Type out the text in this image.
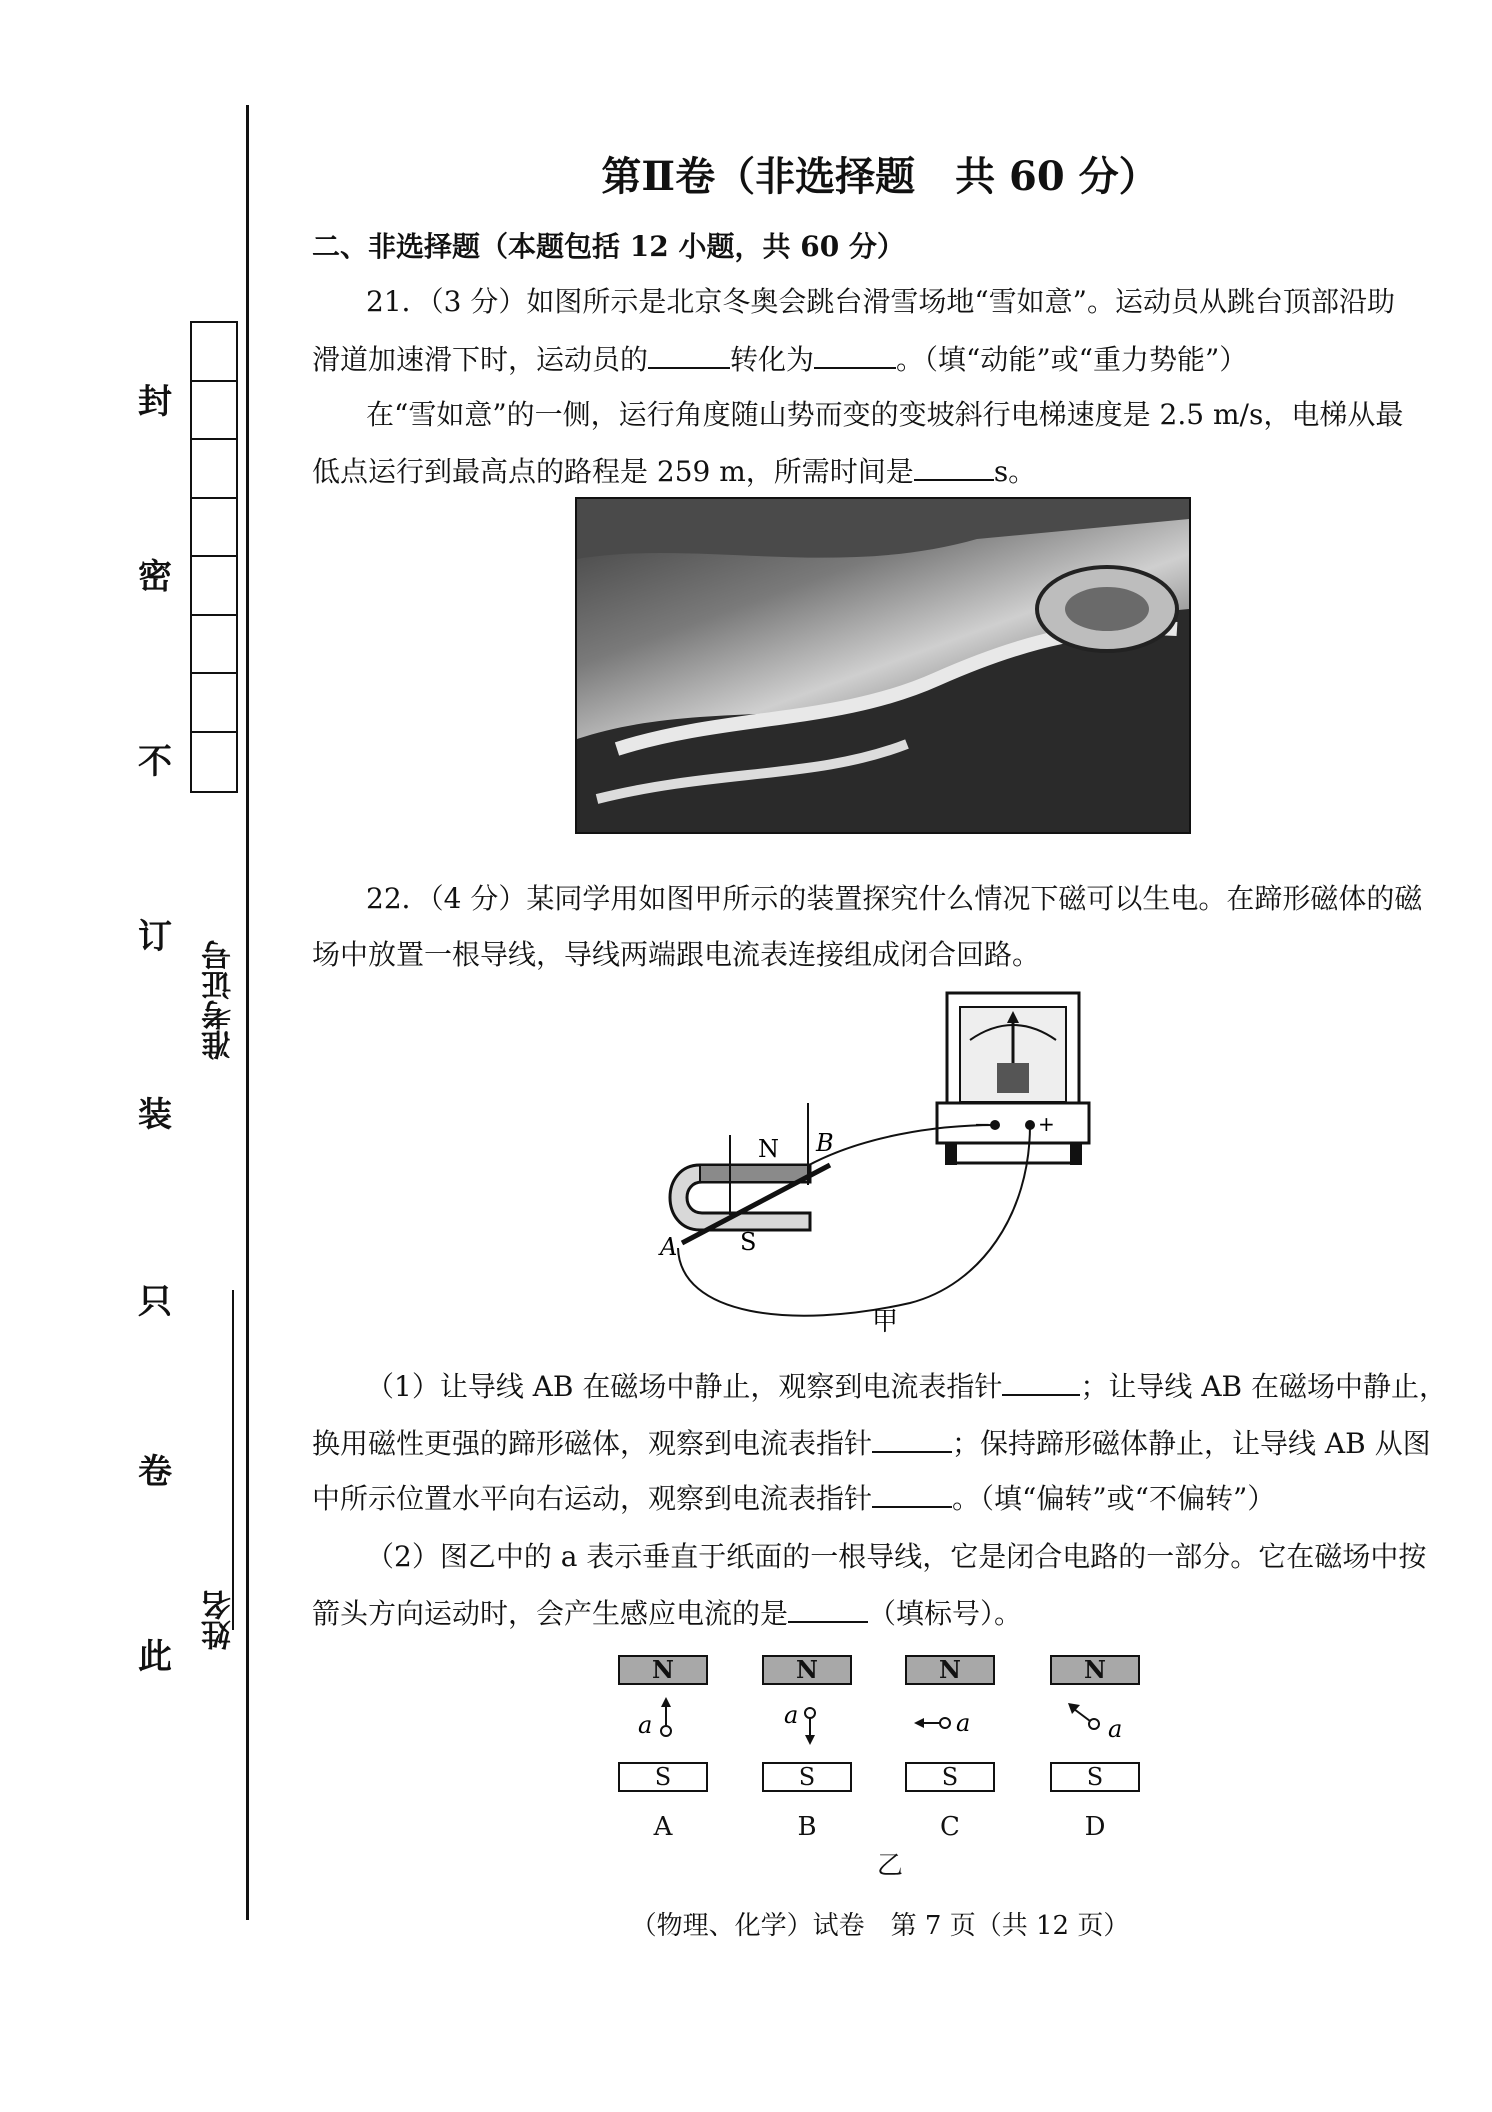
封
密
不
订
装
只
卷
此
准考证号
姓名
第Ⅱ卷（非选择题　共 60 分）
二、非选择题（本题包括 12 小题，共 60 分）
21．（3 分）如图所示是北京冬奥会跳台滑雪场地“雪如意”。运动员从跳台顶部沿助
滑道加速滑下时，运动员的	转化为	。（填“动能”或“重力势能”）
在“雪如意”的一侧，运行角度随山势而变的变坡斜行电梯速度是 2.5 m/s，电梯从最
低点运行到最高点的路程是 259 m，所需时间是	s。
22．（4 分）某同学用如图甲所示的装置探究什么情况下磁可以生电。在蹄形磁体的磁
场中放置一根导线，导线两端跟电流表连接组成闭合回路。
− +
N B
A	S
甲
（1）让导线 AB 在磁场中静止，观察到电流表指针	；让导线 AB 在磁场中静止，
换用磁性更强的蹄形磁体，观察到电流表指针	；保持蹄形磁体静止，让导线 AB 从图
中所示位置水平向右运动，观察到电流表指针	。（填“偏转”或“不偏转”）
（2）图乙中的 a 表示垂直于纸面的一根导线，它是闭合电路的一部分。它在磁场中按
箭头方向运动时，会产生感应电流的是	（填标号）。
N
S
A
a
N
S
B
a
N
S
C
a
N
S
D
a
乙
（物理、化学）试卷　第 7 页（共 12 页）
